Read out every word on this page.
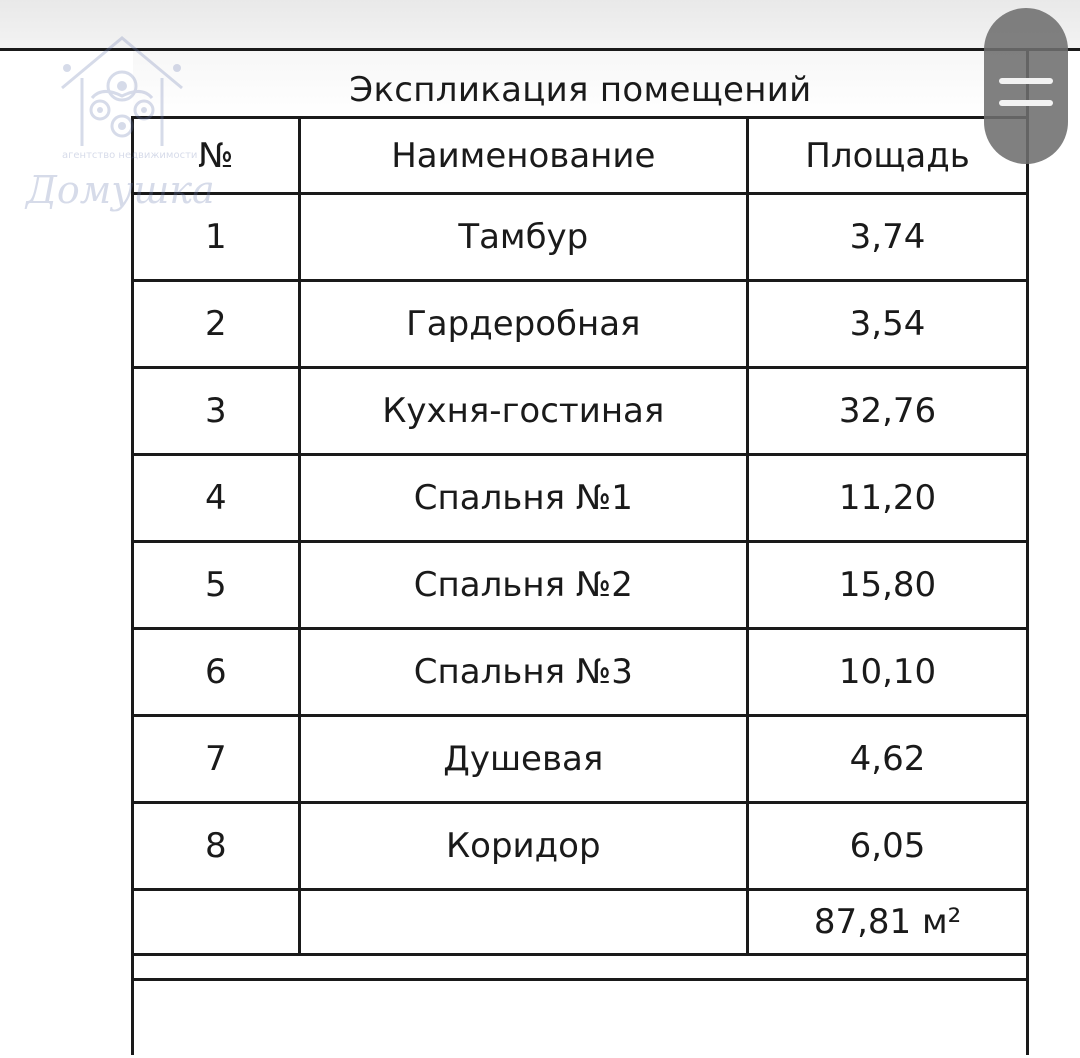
Экспликация помещений
№	Наименование	Площадь
1	Тамбур	3,74
2	Гардеробная	3,54
3	Кухня-гостиная	32,76
4	Спальня №1	11,20
5	Спальня №2	15,80
6	Спальня №3	10,10
7	Душевая	4,62
8	Коридор	6,05
		87,81 м²
агентство недвижимости
Домушка
